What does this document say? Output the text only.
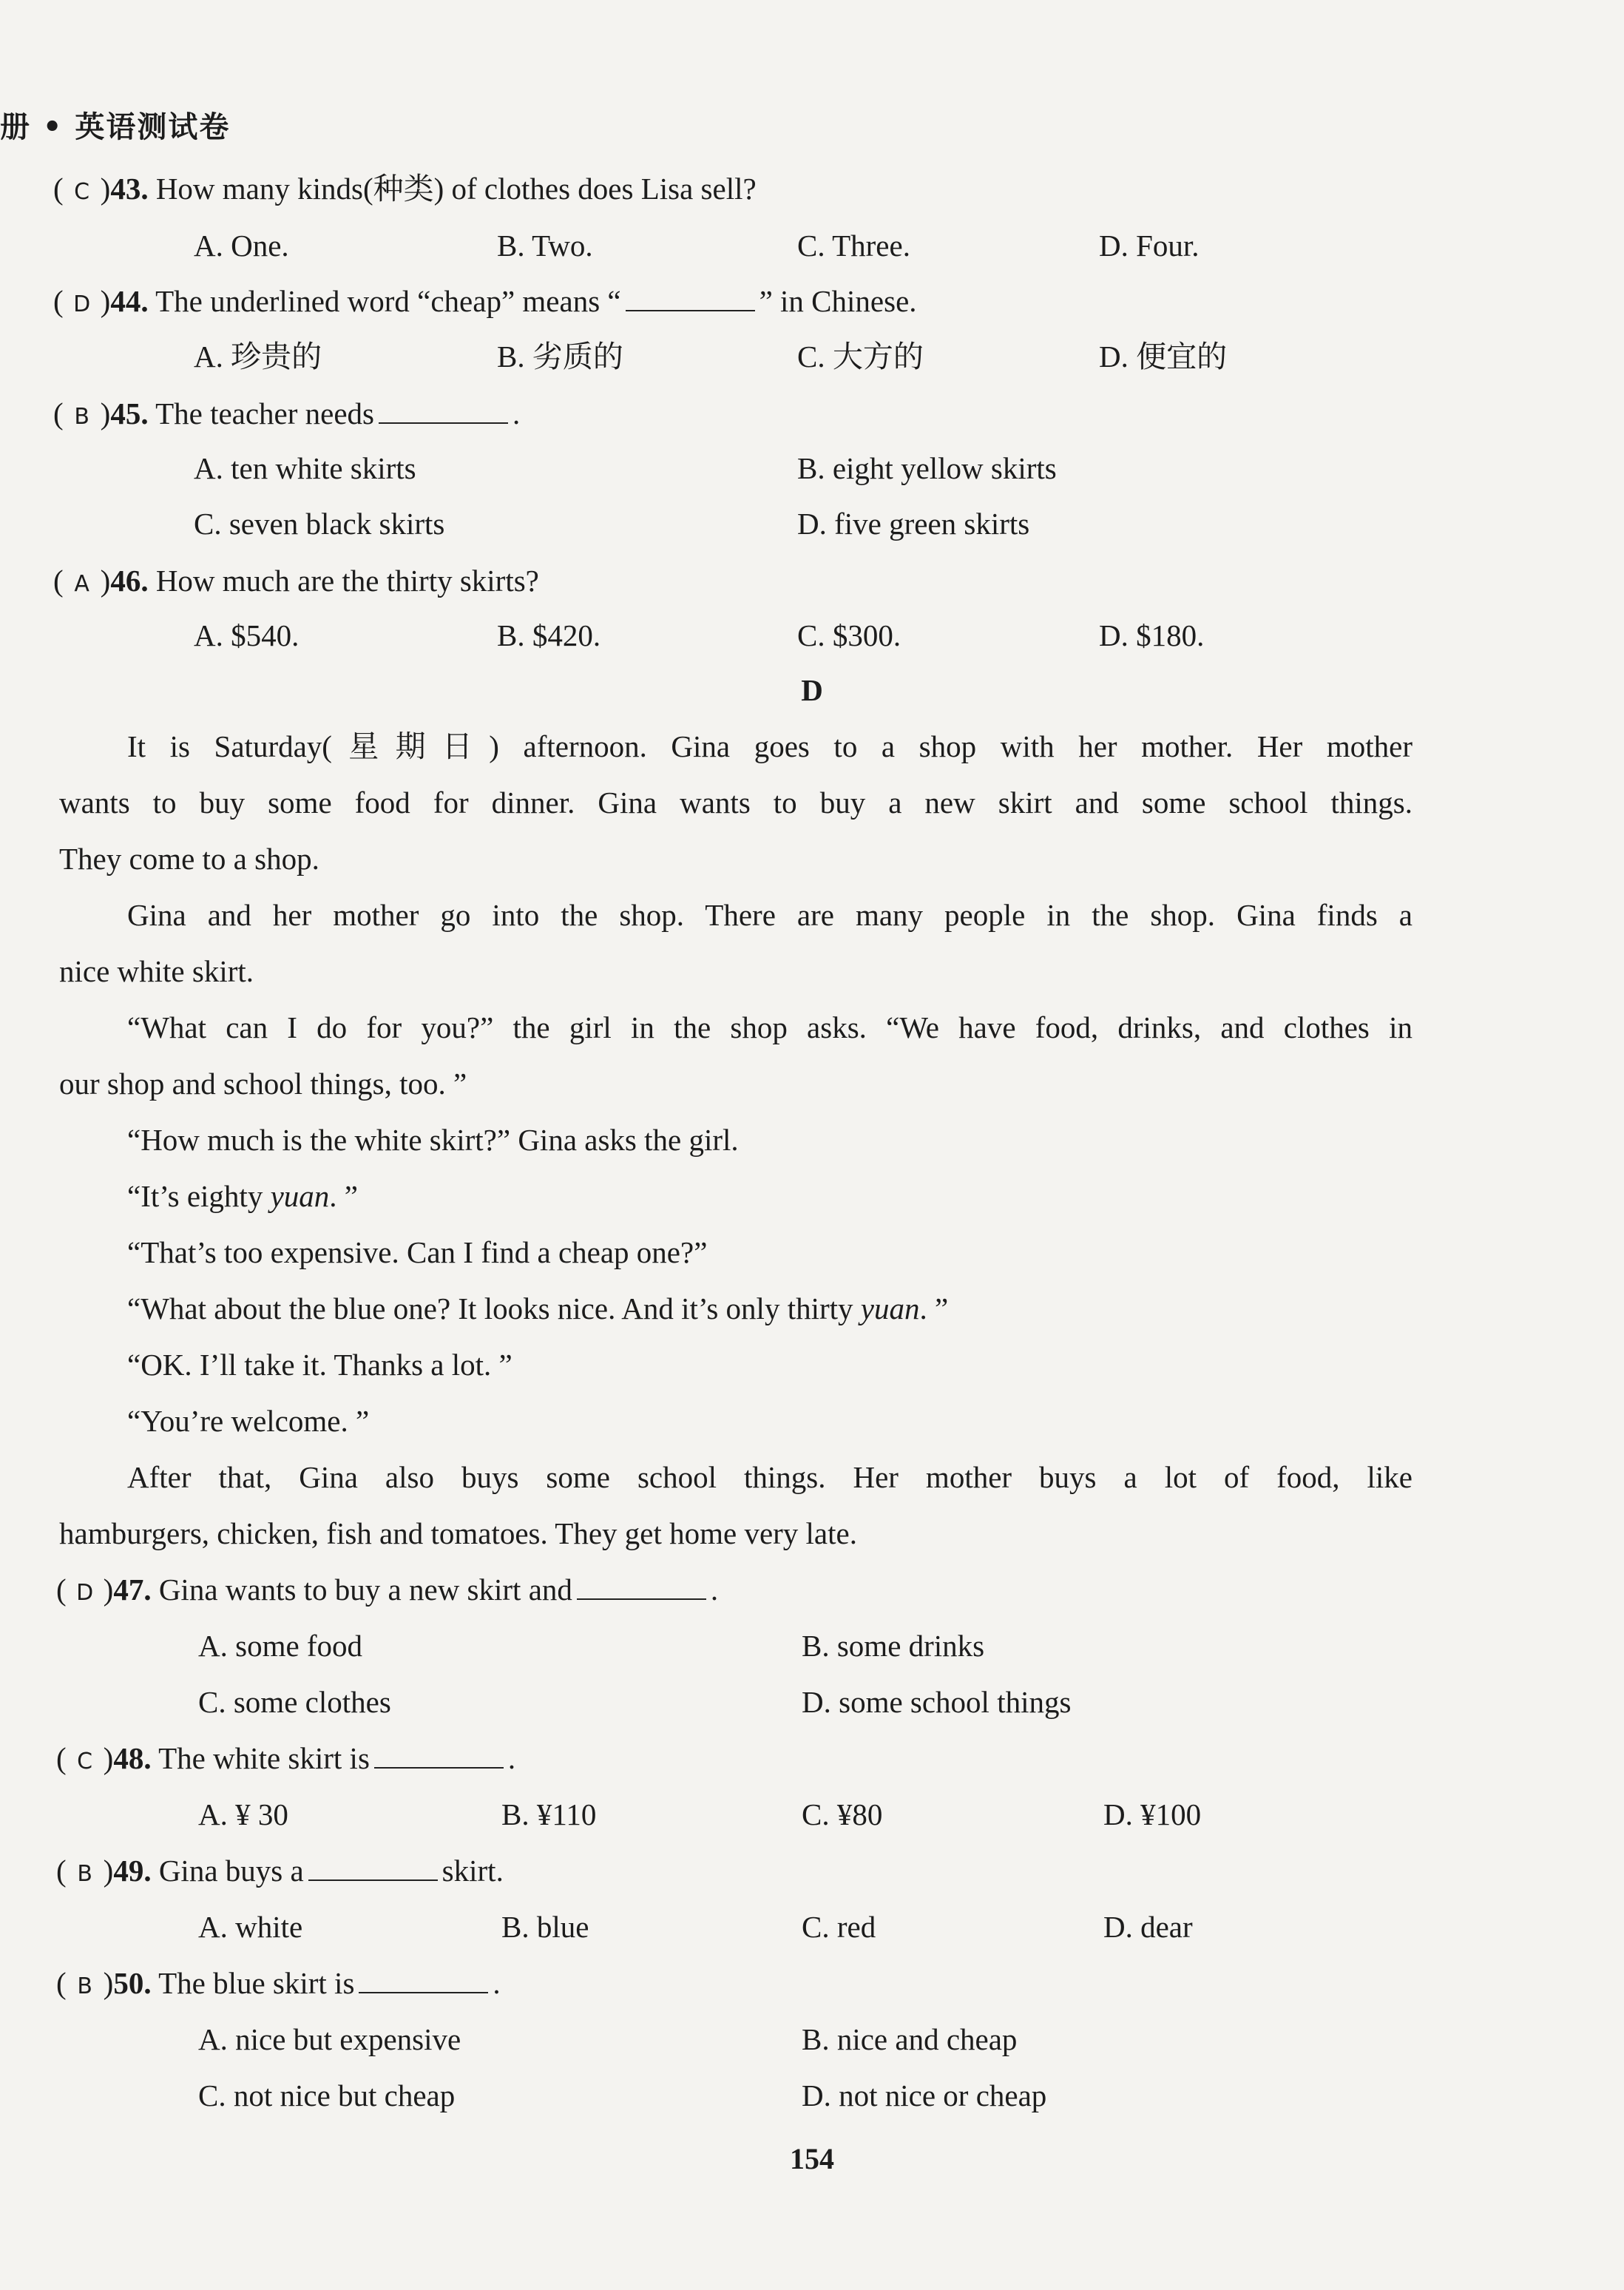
册 • 英语测试卷
( C )43. How many kinds(种类) of clothes does Lisa sell?
A. One.	B. Two.	C. Three.	D. Four.
( D )44. The underlined word “cheap” means “	” in Chinese.
A. 珍贵的	B. 劣质的	C. 大方的	D. 便宜的
( B )45. The teacher needs	.
A. ten white skirts	B. eight yellow skirts
C. seven black skirts	D. five green skirts
( A )46. How much are the thirty skirts?
A. $540.	B. $420.	C. $300.	D. $180.
D
It is Saturday(星期日) afternoon. Gina goes to a shop with her mother. Her mother
wants to buy some food for dinner. Gina wants to buy a new skirt and some school things.
They come to a shop.
Gina and her mother go into the shop. There are many people in the shop. Gina finds a
nice white skirt.
“What can I do for you?” the girl in the shop asks. “We have food, drinks, and clothes in
our shop and school things, too. ”
“How much is the white skirt?” Gina asks the girl.
“It’s eighty yuan. ”
“That’s too expensive. Can I find a cheap one?”
“What about the blue one? It looks nice. And it’s only thirty yuan. ”
“OK. I’ll take it. Thanks a lot. ”
“You’re welcome. ”
After that, Gina also buys some school things. Her mother buys a lot of food, like
hamburgers, chicken, fish and tomatoes. They get home very late.
( D )47. Gina wants to buy a new skirt and	.
A. some food	B. some drinks
C. some clothes	D. some school things
( C )48. The white skirt is	.
A. ¥ 30	B. ¥110	C. ¥80	D. ¥100
( B )49. Gina buys a	skirt.
A. white	B. blue	C. red	D. dear
( B )50. The blue skirt is	.
A. nice but expensive	B. nice and cheap
C. not nice but cheap	D. not nice or cheap
154
